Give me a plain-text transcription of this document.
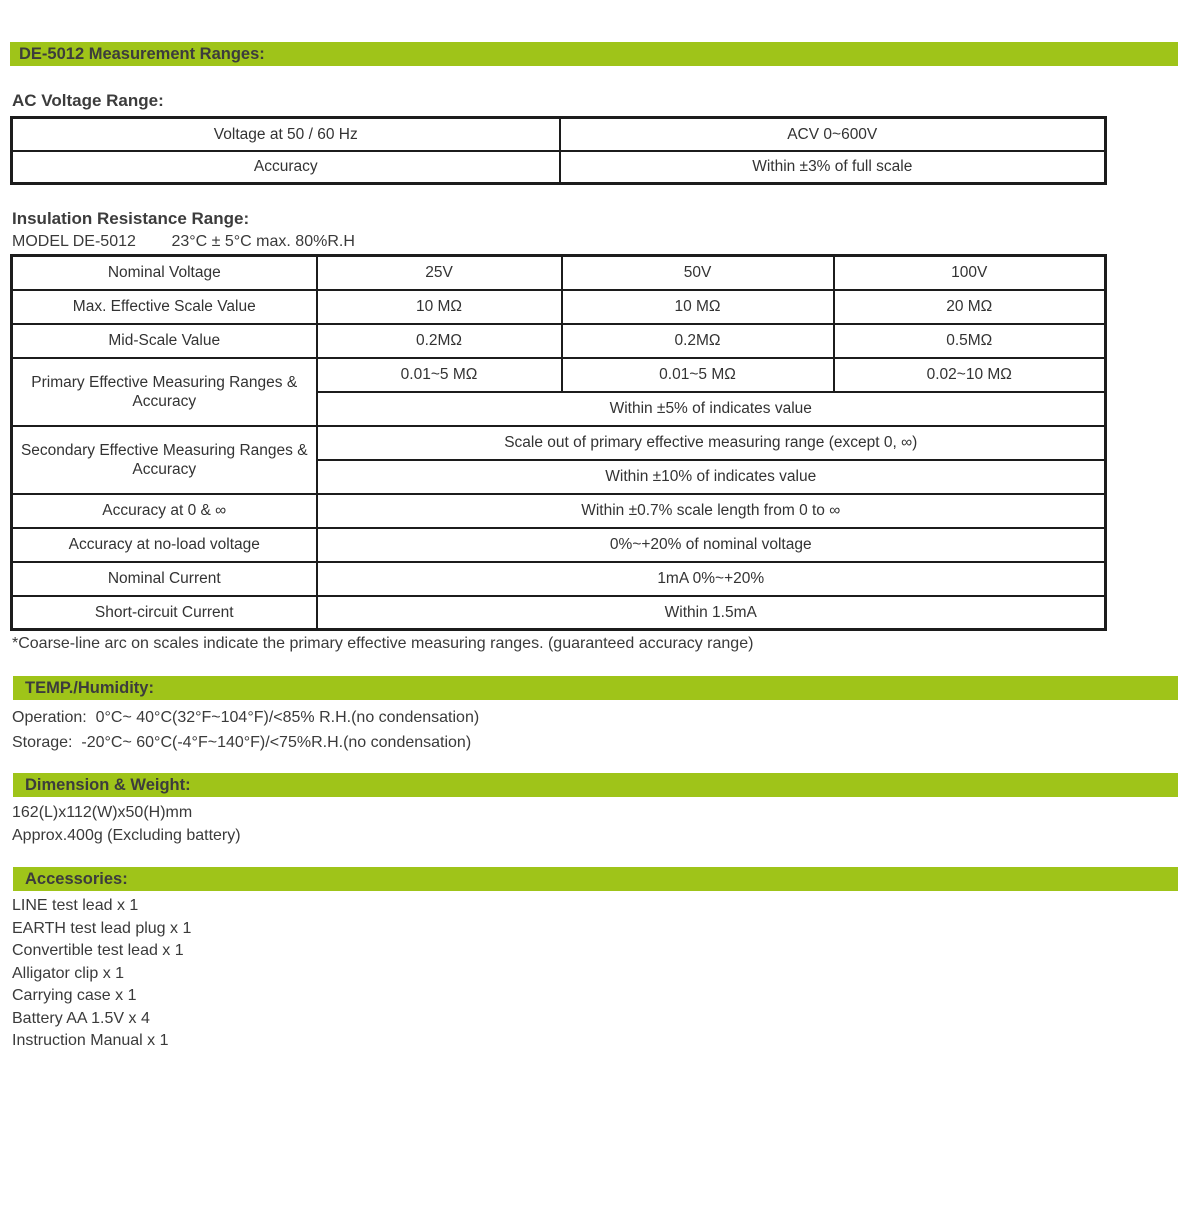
DE-5012 Measurement Ranges:
AC Voltage Range:
Voltage at 50 / 60 Hz	ACV 0~600V
Accuracy	Within ±3% of full scale
Insulation Resistance Range:
MODEL DE-5012        23°C ± 5°C max. 80%R.H
Nominal Voltage	25V	50V	100V
Max. Effective Scale Value	10 MΩ	10 MΩ	20 MΩ
Mid-Scale Value	0.2MΩ	0.2MΩ	0.5MΩ
Primary Effective Measuring Ranges & Accuracy	0.01~5 MΩ	0.01~5 MΩ	0.02~10 MΩ
	Within ±5% of indicates value		
Secondary Effective Measuring Ranges & Accuracy	Scale out of primary effective measuring range (except 0, ∞)		
	Within ±10% of indicates value		
Accuracy at 0 & ∞	Within ±0.7% scale length from 0 to ∞		
Accuracy at no-load voltage	0%~+20% of nominal voltage		
Nominal Current	1mA 0%~+20%		
Short-circuit Current	Within 1.5mA		
*Coarse-line arc on scales indicate the primary effective measuring ranges. (guaranteed accuracy range)
TEMP./Humidity:
Operation:  0°C~ 40°C(32°F~104°F)/<85% R.H.(no condensation)
Storage:  -20°C~ 60°C(-4°F~140°F)/<75%R.H.(no condensation)
Dimension & Weight:
162(L)x112(W)x50(H)mm
Approx.400g (Excluding battery)
Accessories:
LINE test lead x 1
EARTH test lead plug x 1
Convertible test lead x 1
Alligator clip x 1
Carrying case x 1
Battery AA 1.5V x 4
Instruction Manual x 1
